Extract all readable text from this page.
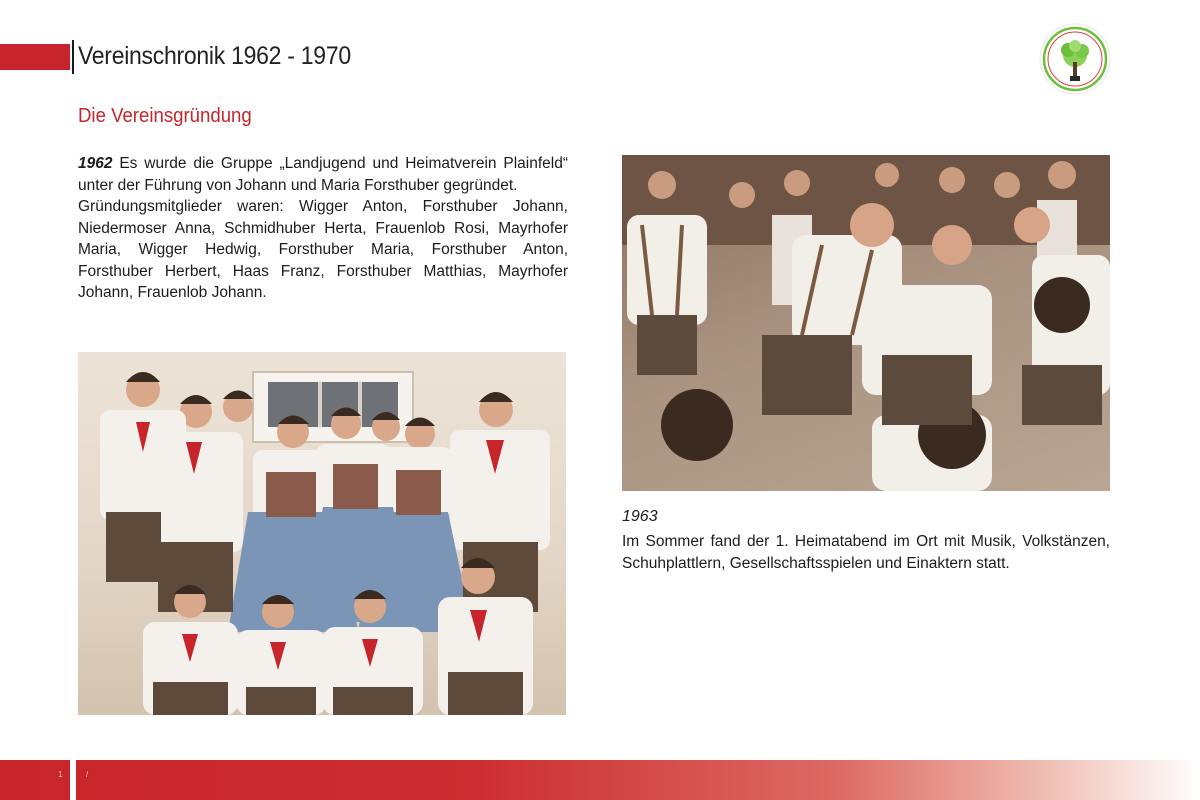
Vereinschronik 1962 - 1970
Die Vereinsgründung
1962 Es wurde die Gruppe „Landjugend und Heimatverein Plainfeld“ unter der Führung von Johann und Maria Forsthuber gegründet.
Gründungsmitglieder waren: Wigger Anton, Forsthuber Johann, Niedermoser Anna, Schmidhuber Herta, Frauenlob Rosi, Mayrhofer Maria, Wigger Hedwig, Forsthuber Maria, Forsthuber Anton, Forsthuber Herbert, Haas Franz, Forsthuber Matthias, Mayrhofer Johann, Frauenlob Johann.
1963
Im Sommer fand der 1. Heimatabend im Ort mit Musik, Volkstänzen, Schuhplattlern, Gesellschaftsspielen und Einaktern statt.
1	/
